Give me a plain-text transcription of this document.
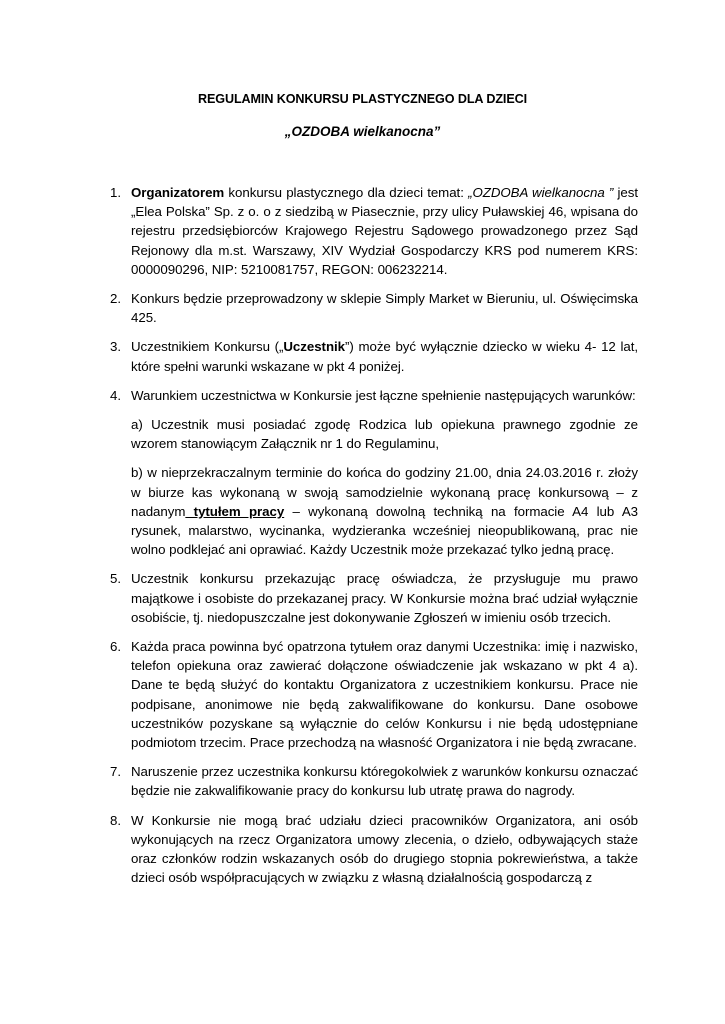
REGULAMIN KONKURSU PLASTYCZNEGO DLA DZIECI
„OZDOBA wielkanocna”
1. Organizatorem konkursu plastycznego dla dzieci temat: „OZDOBA wielkanocna ” jest „Elea Polska” Sp. z o. o z siedzibą w Piasecznie, przy ulicy Puławskiej 46, wpisana do rejestru przedsiębiorców Krajowego Rejestru Sądowego prowadzonego przez Sąd Rejonowy dla m.st. Warszawy, XIV Wydział Gospodarczy KRS pod numerem KRS: 0000090296, NIP: 5210081757, REGON: 006232214.

2. Konkurs będzie przeprowadzony w sklepie Simply Market w Bieruniu, ul. Oświęcimska 425.

3. Uczestnikiem Konkursu („Uczestnik”) może być wyłącznie dziecko w wieku 4- 12 lat, które spełni warunki wskazane w pkt 4 poniżej.

4. Warunkiem uczestnictwa w Konkursie jest łączne spełnienie następujących warunków:

a) Uczestnik musi posiadać zgodę Rodzica lub opiekuna prawnego zgodnie ze wzorem stanowiącym Załącznik nr 1 do Regulaminu,

b) w nieprzekraczalnym terminie do końca do godziny 21.00, dnia 24.03.2016 r. złoży w biurze kas wykonaną w swoją samodzielnie wykonaną pracę konkursową – z nadanym tytułem pracy – wykonaną dowolną techniką na formacie A4 lub A3 rysunek, malarstwo, wycinanka, wydzieranka wcześniej nieopublikowaną, prac nie wolno podklejać ani oprawiać. Każdy Uczestnik może przekazać tylko jedną pracę.

5. Uczestnik konkursu przekazując pracę oświadcza, że przysługuje mu prawo majątkowe i osobiste do przekazanej pracy. W Konkursie można brać udział wyłącznie osobiście, tj. niedopuszczalne jest dokonywanie Zgłoszeń w imieniu osób trzecich.

6. Każda praca powinna być opatrzona tytułem oraz danymi Uczestnika: imię i nazwisko, telefon opiekuna oraz zawierać dołączone oświadczenie jak wskazano w pkt 4 a). Dane te będą służyć do kontaktu Organizatora z uczestnikiem konkursu. Prace nie podpisane, anonimowe nie będą zakwalifikowane do konkursu. Dane osobowe uczestników pozyskane są wyłącznie do celów Konkursu i nie będą udostępniane podmiotom trzecim. Prace przechodzą na własność Organizatora i nie będą zwracane.

7. Naruszenie przez uczestnika konkursu któregokolwiek z warunków konkursu oznaczać będzie nie zakwalifikowanie pracy do konkursu lub utratę prawa do nagrody.

8. W Konkursie nie mogą brać udziału dzieci pracowników Organizatora, ani osób wykonujących na rzecz Organizatora umowy zlecenia, o dzieło, odbywających staże oraz członków rodzin wskazanych osób do drugiego stopnia pokrewieństwa, a także dzieci osób współpracujących w związku z własną działalnością gospodarczą z
